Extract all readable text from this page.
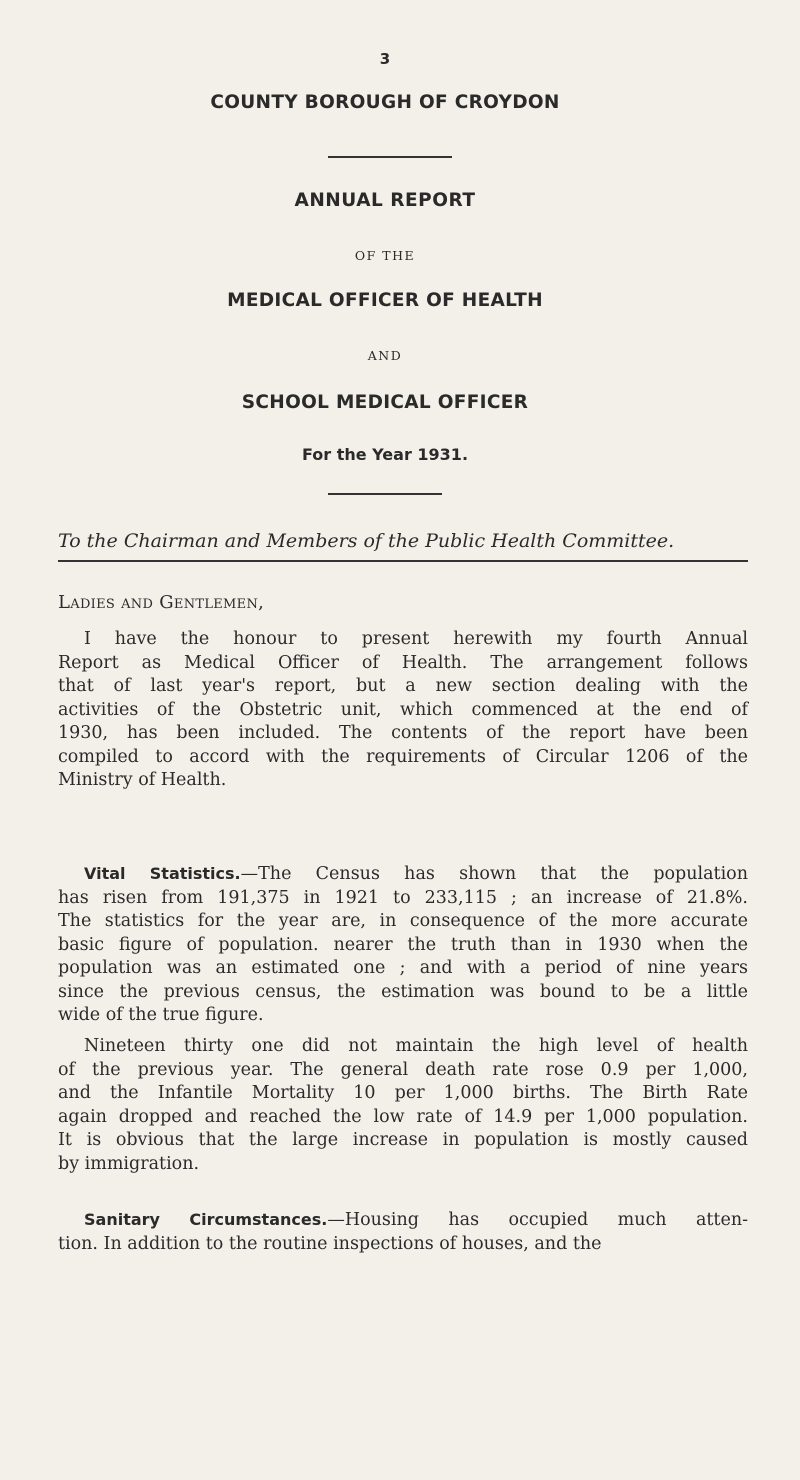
3
COUNTY BOROUGH OF CROYDON
ANNUAL REPORT
OF THE
MEDICAL OFFICER OF HEALTH
AND
SCHOOL MEDICAL OFFICER
For the Year 1931.
To the Chairman and Members of the Public Health Committee.
Ladies and Gentlemen,
I have the honour to present herewith my fourth Annual
Report as Medical Officer of Health. The arrangement follows
that of last year's report, but a new section dealing with the
activities of the Obstetric unit, which commenced at the end of
1930, has been included. The contents of the report have been
compiled to accord with the requirements of Circular 1206 of the
Ministry of Health.
Vital Statistics.—The Census has shown that the population
has risen from 191,375 in 1921 to 233,115 ; an increase of 21.8%.
The statistics for the year are, in consequence of the more accurate
basic figure of population. nearer the truth than in 1930 when the
population was an estimated one ; and with a period of nine years
since the previous census, the estimation was bound to be a little
wide of the true figure.
Nineteen thirty one did not maintain the high level of health
of the previous year. The general death rate rose 0.9 per 1,000,
and the Infantile Mortality 10 per 1,000 births. The Birth Rate
again dropped and reached the low rate of 14.9 per 1,000 population.
It is obvious that the large increase in population is mostly caused
by immigration.
Sanitary Circumstances.—Housing has occupied much atten-
tion. In addition to the routine inspections of houses, and the
